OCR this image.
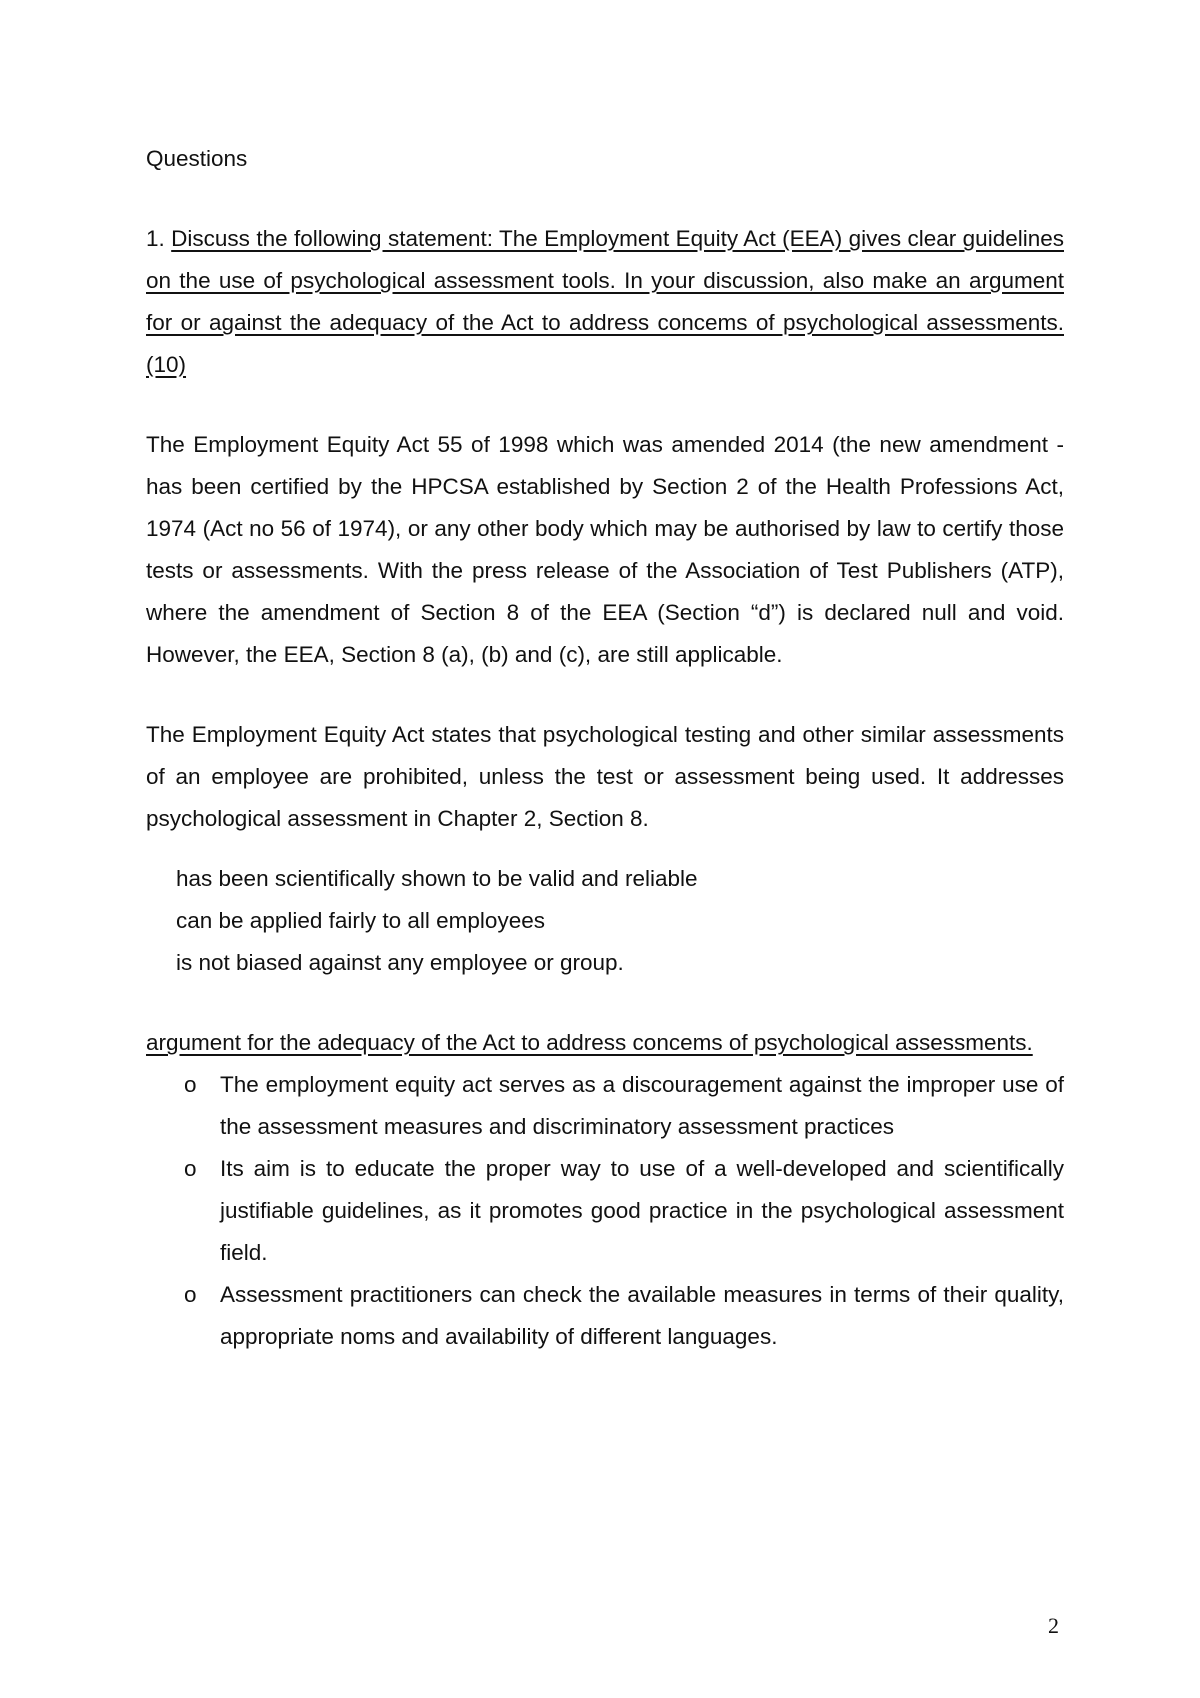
Questions
1. Discuss the following statement: The Employment Equity Act (EEA) gives clear guidelines on the use of psychological assessment tools. In your discussion, also make an argument for or against the adequacy of the Act to address concems of psychological assessments. (10)
The Employment Equity Act 55 of 1998 which was amended 2014 (the new amendment - has been certified by the HPCSA established by Section 2 of the Health Professions Act, 1974 (Act no 56 of 1974), or any other body which may be authorised by law to certify those tests or assessments. With the press release of the Association of Test Publishers (ATP), where the amendment of Section 8 of the EEA (Section “d”) is declared null and void. However, the EEA, Section 8 (a), (b) and (c), are still applicable.
The Employment Equity Act states that psychological testing and other similar assessments of an employee are prohibited, unless the test or assessment being used. It addresses psychological assessment in Chapter 2, Section 8.
has been scientifically shown to be valid and reliable
can be applied fairly to all employees
is not biased against any employee or group.
argument for the adequacy of the Act to address concems of psychological assessments.
o The employment equity act serves as a discouragement against the improper use of the assessment measures and discriminatory assessment practices
o Its aim is to educate the proper way to use of a well-developed and scientifically justifiable guidelines, as it promotes good practice in the psychological assessment field.
o Assessment practitioners can check the available measures in terms of their quality, appropriate noms and availability of different languages.
2
